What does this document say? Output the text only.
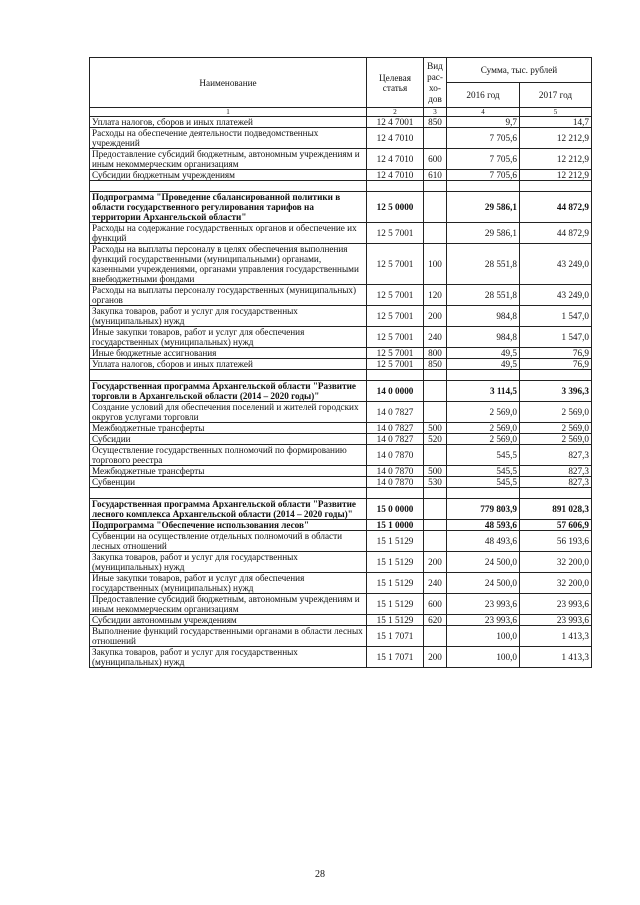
Наименование	Целевая статья	Вид
рас-
хо-
дов	Сумма, тыс. рублей	
			2016 год	2017 год
1	2	3	4	5
Уплата налогов, сборов и иных платежей	12 4 7001	850	9,7	14,7
Расходы на обеспечение деятельности подведомственных учреждений	12 4 7010		7 705,6	12 212,9
Предоставление субсидий бюджетным, автономным учреждениям и иным некоммерческим организациям	12 4 7010	600	7 705,6	12 212,9
Субсидии бюджетным учреждениям	12 4 7010	610	7 705,6	12 212,9

Подпрограмма "Проведение сбалансированной политики в области государственного регулирования тарифов на территории Архангельской области"	12 5 0000		29 586,1	44 872,9
Расходы на содержание государственных органов и обеспечение их функций	12 5 7001		29 586,1	44 872,9
Расходы на выплаты персоналу в целях обеспечения выполнения функций государственными (муниципальными) органами, казенными учреждениями, органами управления государственными внебюджетными фондами	12 5 7001	100	28 551,8	43 249,0
Расходы на выплаты персоналу государственных (муниципальных) органов	12 5 7001	120	28 551,8	43 249,0
Закупка товаров, работ и услуг для государственных (муниципальных) нужд	12 5 7001	200	984,8	1 547,0
Иные закупки товаров, работ и услуг для обеспечения государственных (муниципальных) нужд	12 5 7001	240	984,8	1 547,0
Иные бюджетные ассигнования	12 5 7001	800	49,5	76,9
Уплата налогов, сборов и иных платежей	12 5 7001	850	49,5	76,9

Государственная программа Архангельской области "Развитие торговли в Архангельской области (2014 – 2020 годы)"	14 0 0000		3 114,5	3 396,3
Создание условий для обеспечения поселений и жителей городских округов услугами торговли	14 0 7827		2 569,0	2 569,0
Межбюджетные трансферты	14 0 7827	500	2 569,0	2 569,0
Субсидии	14 0 7827	520	2 569,0	2 569,0
Осуществление государственных полномочий по формированию торгового реестра	14 0 7870		545,5	827,3
Межбюджетные трансферты	14 0 7870	500	545,5	827,3
Субвенции	14 0 7870	530	545,5	827,3

Государственная программа Архангельской области "Развитие лесного комплекса Архангельской области (2014 – 2020 годы)"	15 0 0000		779 803,9	891 028,3
Подпрограмма "Обеспечение использования лесов"	15 1 0000		48 593,6	57 606,9
Субвенции на осуществление отдельных полномочий в области лесных отношений	15 1 5129		48 493,6	56 193,6
Закупка товаров, работ и услуг для государственных (муниципальных) нужд	15 1 5129	200	24 500,0	32 200,0
Иные закупки товаров, работ и услуг для обеспечения государственных (муниципальных) нужд	15 1 5129	240	24 500,0	32 200,0
Предоставление субсидий бюджетным, автономным учреждениям и иным некоммерческим организациям	15 1 5129	600	23 993,6	23 993,6
Субсидии автономным учреждениям	15 1 5129	620	23 993,6	23 993,6
Выполнение функций государственными органами в области лесных отношений	15 1 7071		100,0	1 413,3
Закупка товаров, работ и услуг для государственных (муниципальных) нужд	15 1 7071	200	100,0	1 413,3
28
